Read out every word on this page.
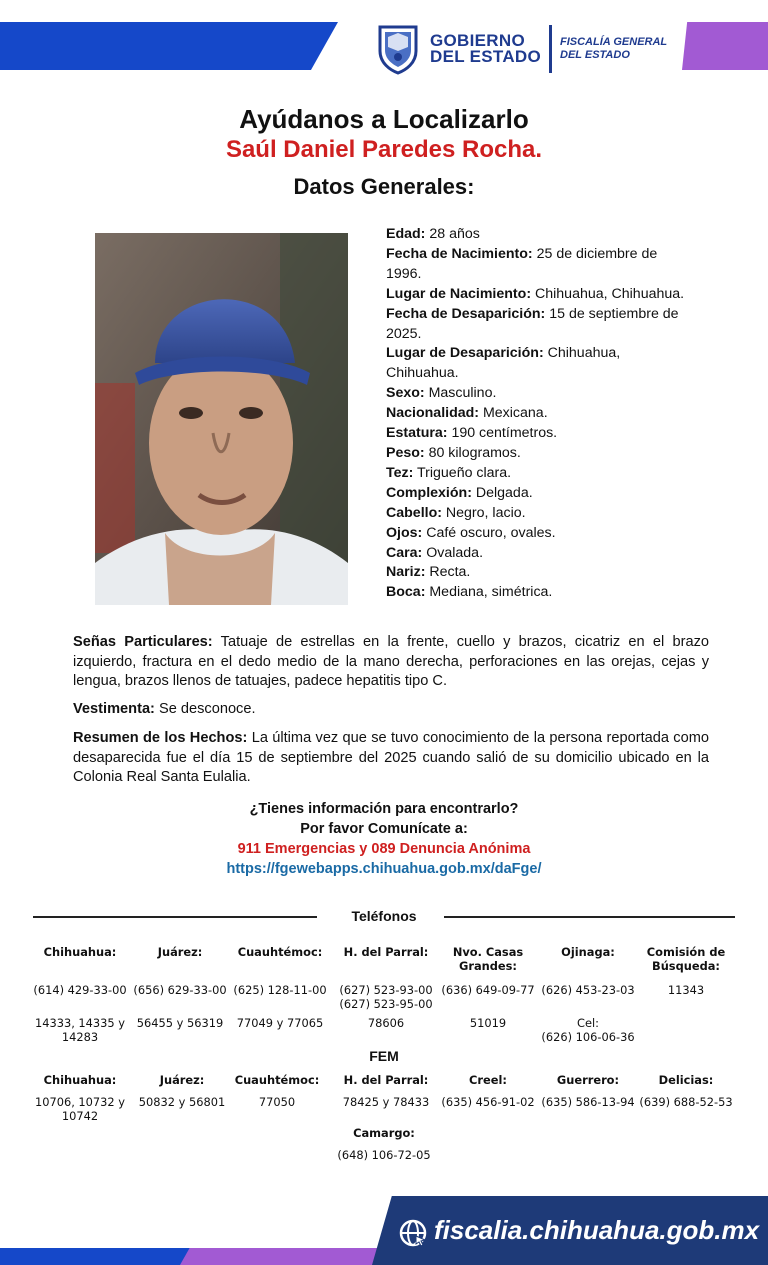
GOBIERNO
DEL ESTADO
FISCALÍA GENERAL
DEL ESTADO
Ayúdanos a Localizarlo
Saúl Daniel Paredes Rocha.
Datos Generales:
Edad: 28 años
Fecha de Nacimiento: 25 de diciembre de 1996.
Lugar de Nacimiento: Chihuahua, Chihuahua.
Fecha de Desaparición: 15 de septiembre de 2025.
Lugar de Desaparición: Chihuahua, Chihuahua.
Sexo: Masculino.
Nacionalidad: Mexicana.
Estatura: 190 centímetros.
Peso: 80 kilogramos.
Tez: Trigueño clara.
Complexión: Delgada.
Cabello: Negro, lacio.
Ojos: Café oscuro, ovales.
Cara: Ovalada.
Nariz: Recta.
Boca: Mediana, simétrica.
Señas Particulares: Tatuaje de estrellas en la frente, cuello y brazos, cicatriz en el brazo izquierdo, fractura en el dedo medio de la mano derecha, perforaciones en las orejas, cejas y lengua, brazos llenos de tatuajes, padece hepatitis tipo C.
Vestimenta: Se desconoce.
Resumen de los Hechos: La última vez que se tuvo conocimiento de la persona reportada como desaparecida fue el día 15 de septiembre del 2025 cuando salió de su domicilio ubicado en la Colonia Real Santa Eulalia.
¿Tienes información para encontrarlo?
Por favor Comunícate a:
911 Emergencias y 089 Denuncia Anónima
https://fgewebapps.chihuahua.gob.mx/daFge/
Teléfonos
Chihuahua:
(614) 429-33-00
14333, 14335 y 14283
Juárez:
(656) 629-33-00
56455 y 56319
Cuauhtémoc:
(625) 128-11-00
77049 y 77065
H. del Parral:
(627) 523-93-00
(627) 523-95-00
78606
Nvo. Casas Grandes:
(636) 649-09-77
51019
Ojinaga:
(626) 453-23-03
Cel:
(626) 106-06-36
Comisión de Búsqueda:
11343
FEM
Chihuahua:
10706, 10732 y 10742
Juárez:
50832 y 56801
Cuauhtémoc:
77050
H. del Parral:
78425 y 78433
Creel:
(635) 456-91-02
Guerrero:
(635) 586-13-94
Delicias:
(639) 688-52-53
Camargo:
(648) 106-72-05
fiscalia.chihuahua.gob.mx
